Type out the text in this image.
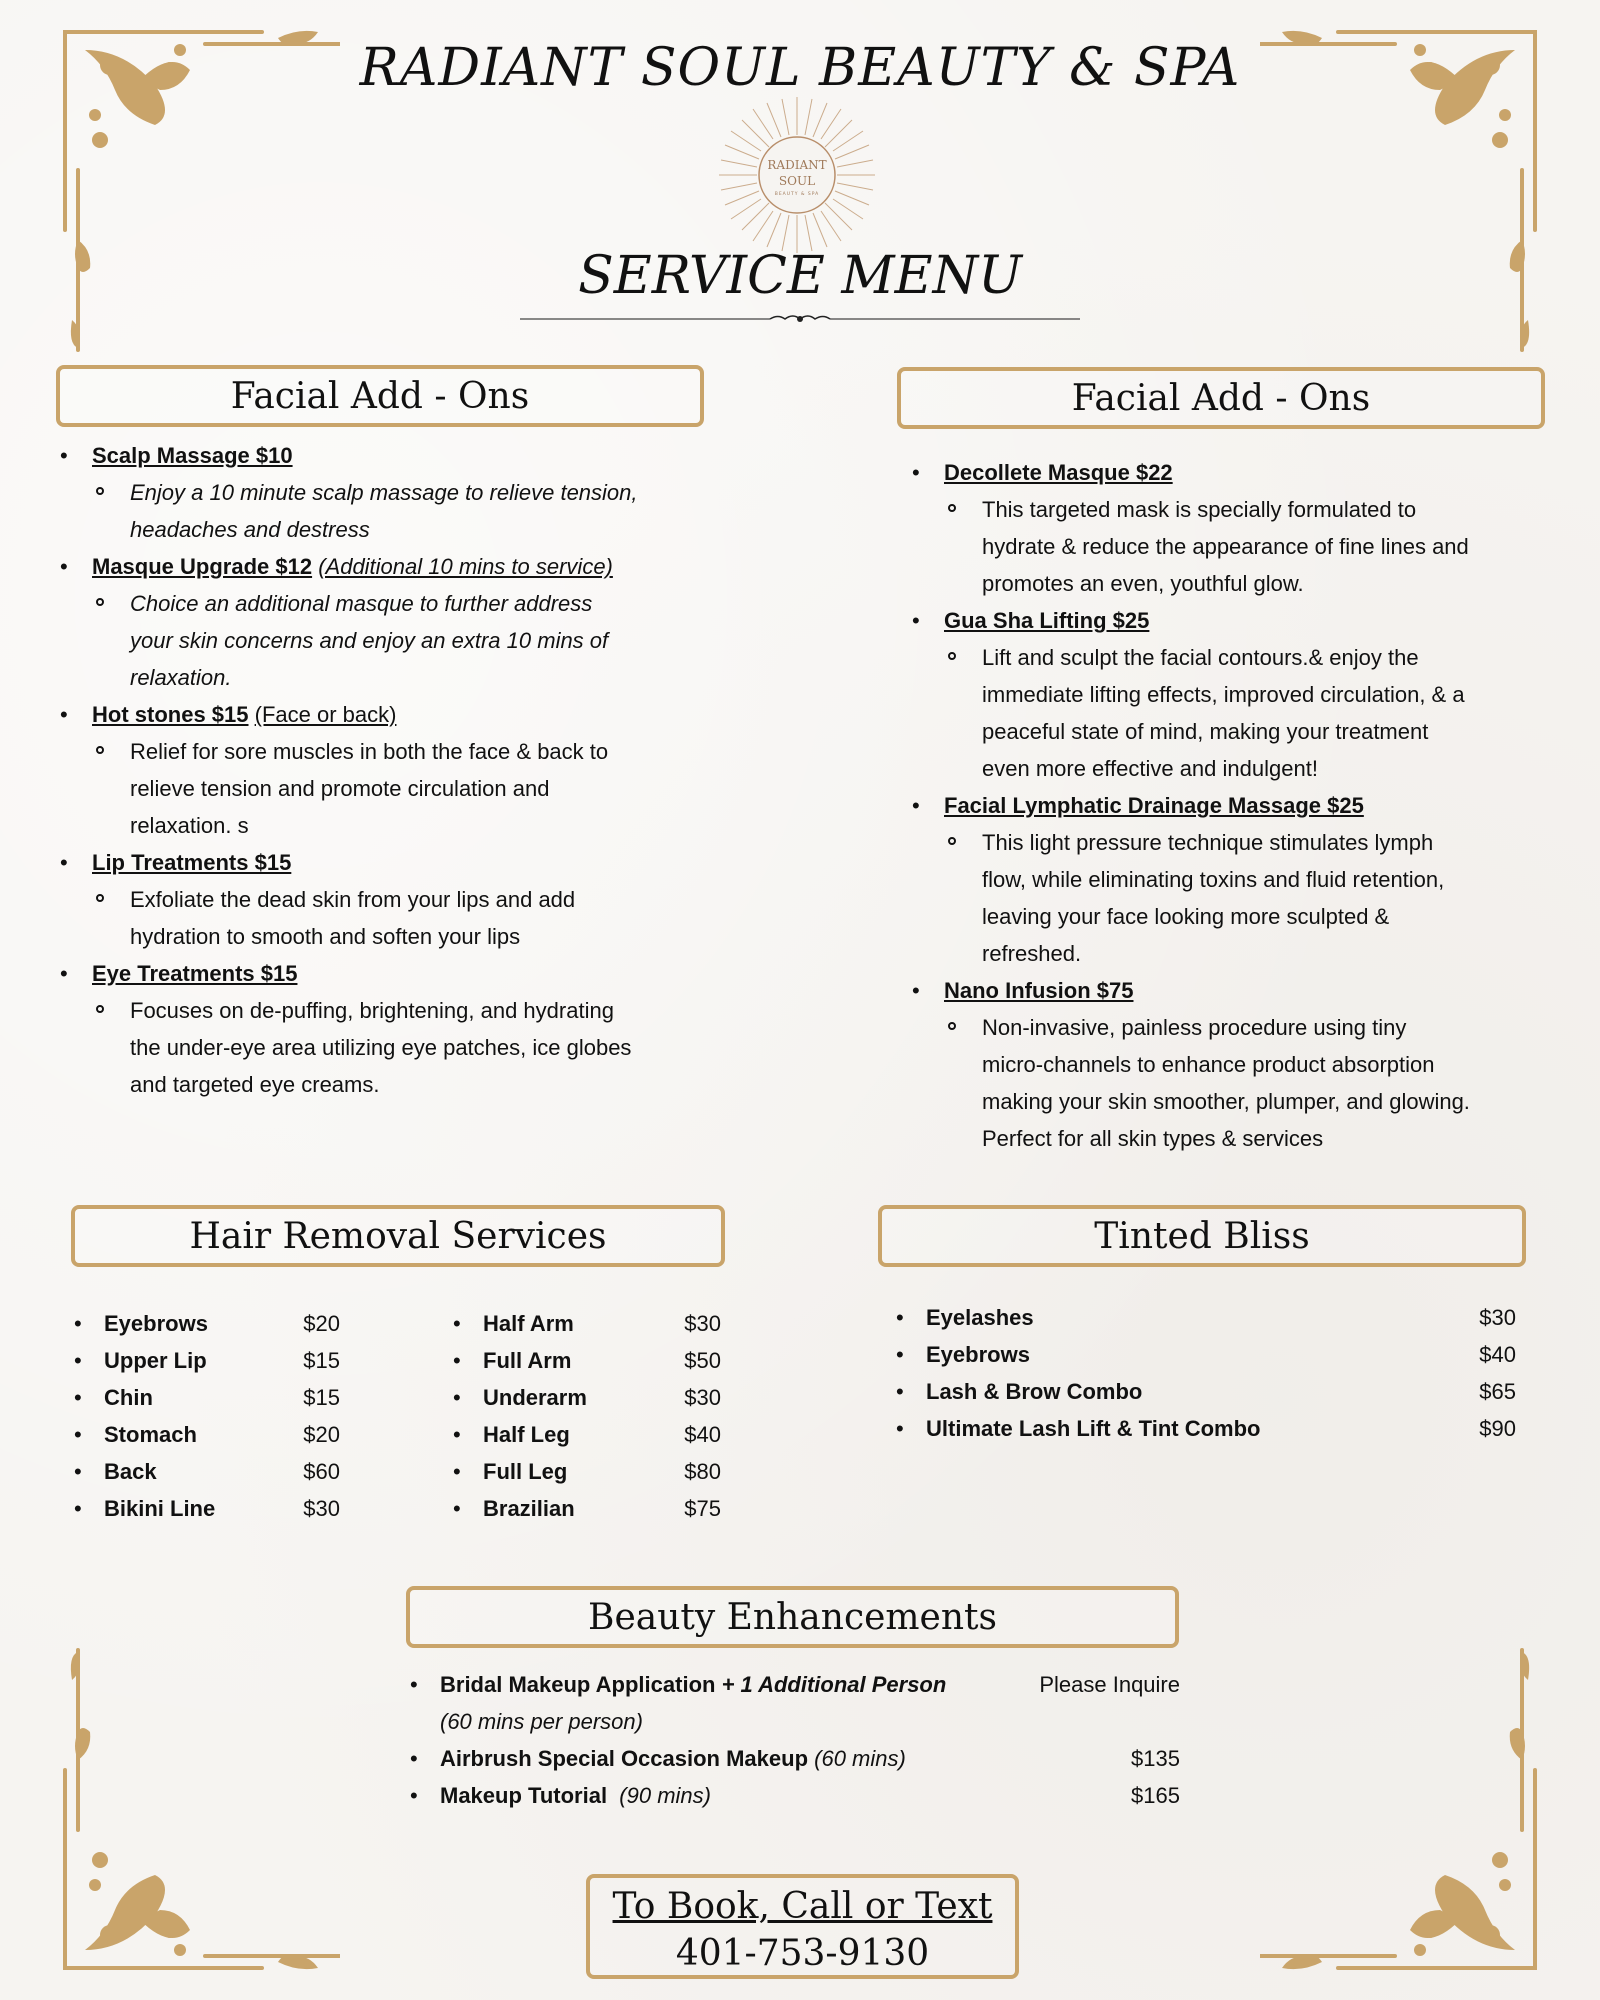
RADIANT SOUL BEAUTY & SPA
RADIANT
SOUL
BEAUTY & SPA
SERVICE MENU
Facial Add - Ons
• Scalp Massage $10
Enjoy a 10 minute scalp massage to relieve tension,
headaches and destress
• Masque Upgrade $12 (Additional 10 mins to service)
Choice an additional masque to further address
your skin concerns and enjoy an extra 10 mins of
relaxation.
• Hot stones $15 (Face or back)
Relief for sore muscles in both the face & back to
relieve tension and promote circulation and
relaxation. s
• Lip Treatments $15
Exfoliate the dead skin from your lips and add
hydration to smooth and soften your lips
• Eye Treatments $15
Focuses on de-puffing, brightening, and hydrating
the under-eye area utilizing eye patches, ice globes
and targeted eye creams.
Facial Add - Ons
• Decollete Masque $22
This targeted mask is specially formulated to
hydrate & reduce the appearance of fine lines and
promotes an even, youthful glow.
• Gua Sha Lifting $25
Lift and sculpt the facial contours.& enjoy the
immediate lifting effects, improved circulation, & a
peaceful state of mind, making your treatment
even more effective and indulgent!
• Facial Lymphatic Drainage Massage $25
This light pressure technique stimulates lymph
flow, while eliminating toxins and fluid retention,
leaving your face looking more sculpted &
refreshed.
• Nano Infusion $75
Non-invasive, painless procedure using tiny
micro-channels to enhance product absorption
making your skin smoother, plumper, and glowing.
Perfect for all skin types & services
Hair Removal Services
•	Eyebrows	$20
•	Upper Lip	$15
•	Chin	$15
•	Stomach	$20
•	Back	$60
•	Bikini Line	$30
•	Half Arm	$30
•	Full Arm	$50
•	Underarm	$30
•	Half Leg	$40
•	Full Leg	$80
•	Brazilian	$75
Tinted Bliss
•	Eyelashes	$30
•	Eyebrows	$40
•	Lash & Brow Combo	$65
•	Ultimate Lash Lift & Tint Combo	$90
Beauty Enhancements
•	Bridal Makeup Application
+ 1 Additional Person	Please Inquire
(60 mins per person)
•	Airbrush Special Occasion Makeup
(60 mins)	$135
•	Makeup Tutorial
(90 mins)	$165
To Book, Call or Text
401-753-9130
